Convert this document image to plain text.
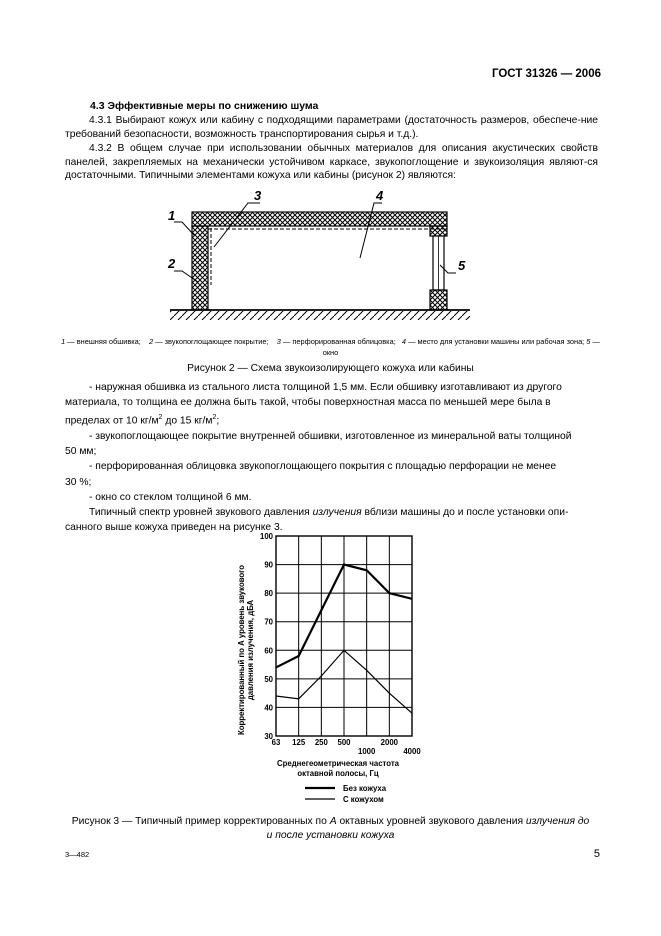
ГОСТ 31326 — 2006
4.3 Эффективные меры по снижению шума
4.3.1 Выбирают кожух или кабину с подходящими параметрами (достаточность размеров, обеспече-ние требований безопасности, возможность транспортирования сырья и т.д.).
4.3.2 В общем случае при использовании обычных материалов для описания акустических свойств панелей, закрепляемых на механически устойчивом каркасе, звукопоглощение и звукоизоляция являют-ся достаточными. Типичными элементами кожуха или кабины (рисунок 2) являются:
1
2
3	4
5
1 — внешняя обшивка; 2 — звукопоглощающее покрытие; 3 — перфорированная облицовка; 4 — место для установки машины или рабочая зона; 5 — окно
Рисунок 2 — Схема звукоизолирующего кожуха или кабины
- наружная обшивка из стального листа толщиной 1,5 мм. Если обшивку изготавливают из другого
материала, то толщина ее должна быть такой, чтобы поверхностная масса по меньшей мере была в
пределах от 10 $кг/м^2$ до 15 $кг/м^2$;
- звукопоглощающее покрытие внутренней обшивки, изготовленное из минеральной ваты толщиной
50 мм;
- перфорированная облицовка звукопоглощающего покрытия с площадью перфорации не менее
30 %;
- окно со стеклом толщиной 6 мм.
Типичный спектр уровней звукового давления излучения вблизи машины до и после установки опи-
санного выше кожуха приведен на рисунке 3.
30
40
50
60
70
80
90
100
63 125 250 500
1000
2000
4000
Корректированный по А уровень звукового давления излучения, дБА
Среднегеометрическая частота
октавной полосы, Гц
Без кожуха
С кожухом
Рисунок 3 — Типичный пример корректированных по А октавных уровней звукового давления излучения до
и после установки кожуха
3—482	5
